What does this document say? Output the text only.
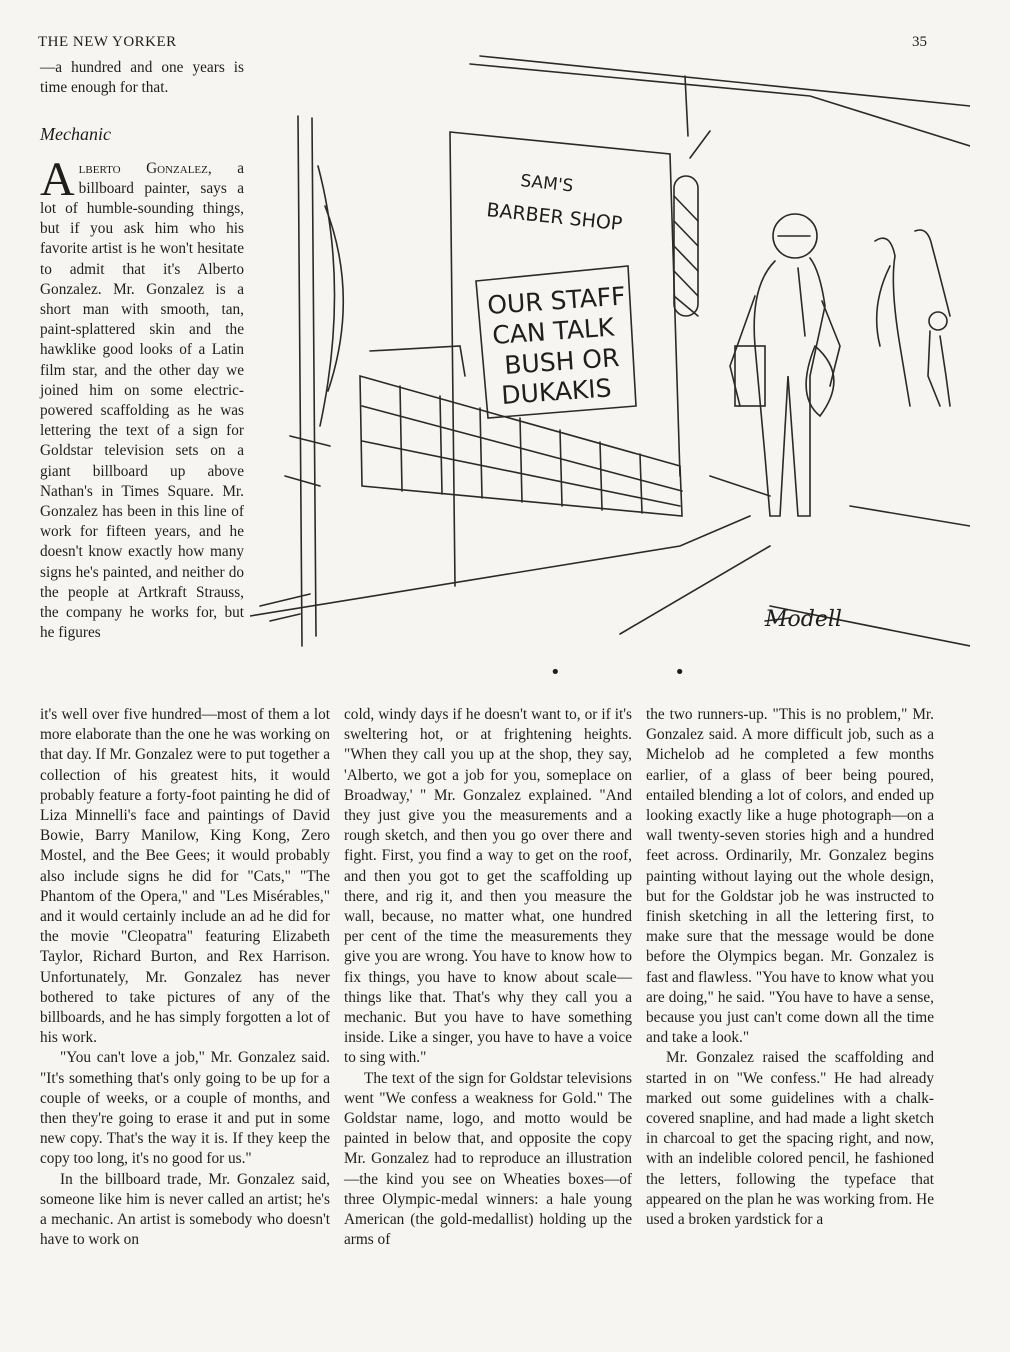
THE NEW YORKER	35

—a hundred and one years is time enough for that.

Mechanic

Alberto Gonzalez, a billboard painter, says a lot of humble-sounding things, but if you ask him who his favorite artist is he won't hesitate to admit that it's Alberto Gonzalez. Mr. Gonzalez is a short man with smooth, tan, paint-splattered skin and the hawklike good looks of a Latin film star, and the other day we joined him on some electric-powered scaffolding as he was lettering the text of a sign for Goldstar television sets on a giant billboard up above Nathan's in Times Square. Mr. Gonzalez has been in this line of work for fifteen years, and he doesn't know exactly how many signs he's painted, and neither do the people at Artkraft Strauss, the company he works for, but he figures

it's well over five hundred—most of them a lot more elaborate than the one he was working on that day. If Mr. Gonzalez were to put together a collection of his greatest hits, it would probably feature a forty-foot painting he did of Liza Minnelli's face and paintings of David Bowie, Barry Manilow, King Kong, Zero Mostel, and the Bee Gees; it would probably also include signs he did for "Cats," "The Phantom of the Opera," and "Les Misérables," and it would certainly include an ad he did for the movie "Cleopatra" featuring Elizabeth Taylor, Richard Burton, and Rex Harrison. Unfortunately, Mr. Gonzalez has never bothered to take pictures of any of the billboards, and he has simply forgotten a lot of his work.

"You can't love a job," Mr. Gonzalez said. "It's something that's only going to be up for a couple of weeks, or a couple of months, and then they're going to erase it and put in some new copy. That's the way it is. If they keep the copy too long, it's no good for us."

In the billboard trade, Mr. Gonzalez said, someone like him is never called an artist; he's a mechanic. An artist is somebody who doesn't have to work on

cold, windy days if he doesn't want to, or if it's sweltering hot, or at frightening heights. "When they call you up at the shop, they say, 'Alberto, we got a job for you, someplace on Broadway,' " Mr. Gonzalez explained. "And they just give you the measurements and a rough sketch, and then you go over there and fight. First, you find a way to get on the roof, and then you got to get the scaffolding up there, and rig it, and then you measure the wall, because, no matter what, one hundred per cent of the time the measurements they give you are wrong. You have to know how to fix things, you have to know about scale—things like that. That's why they call you a mechanic. But you have to have something inside. Like a singer, you have to have a voice to sing with."

The text of the sign for Goldstar televisions went "We confess a weakness for Gold." The Goldstar name, logo, and motto would be painted in below that, and opposite the copy Mr. Gonzalez had to reproduce an illustration—the kind you see on Wheaties boxes—of three Olympic-medal winners: a hale young American (the gold-medallist) holding up the arms of

the two runners-up. "This is no problem," Mr. Gonzalez said. A more difficult job, such as a Michelob ad he completed a few months earlier, of a glass of beer being poured, entailed blending a lot of colors, and ended up looking exactly like a huge photograph—on a wall twenty-seven stories high and a hundred feet across. Ordinarily, Mr. Gonzalez begins painting without laying out the whole design, but for the Goldstar job he was instructed to finish sketching in all the lettering first, to make sure that the message would be done before the Olympics began. Mr. Gonzalez is fast and flawless. "You have to know what you are doing," he said. "You have to have a sense, because you just can't come down all the time and take a look."

Mr. Gonzalez raised the scaffolding and started in on "We confess." He had already marked out some guidelines with a chalk-covered snapline, and had made a light sketch in charcoal to get the spacing right, and now, with an indelible colored pencil, he fashioned the letters, following the typeface that appeared on the plan he was working from. He used a broken yardstick for a

SAM'S
BARBER SHOP
OUR STAFF
CAN TALK
BUSH OR
DUKAKIS
Modell
• •
